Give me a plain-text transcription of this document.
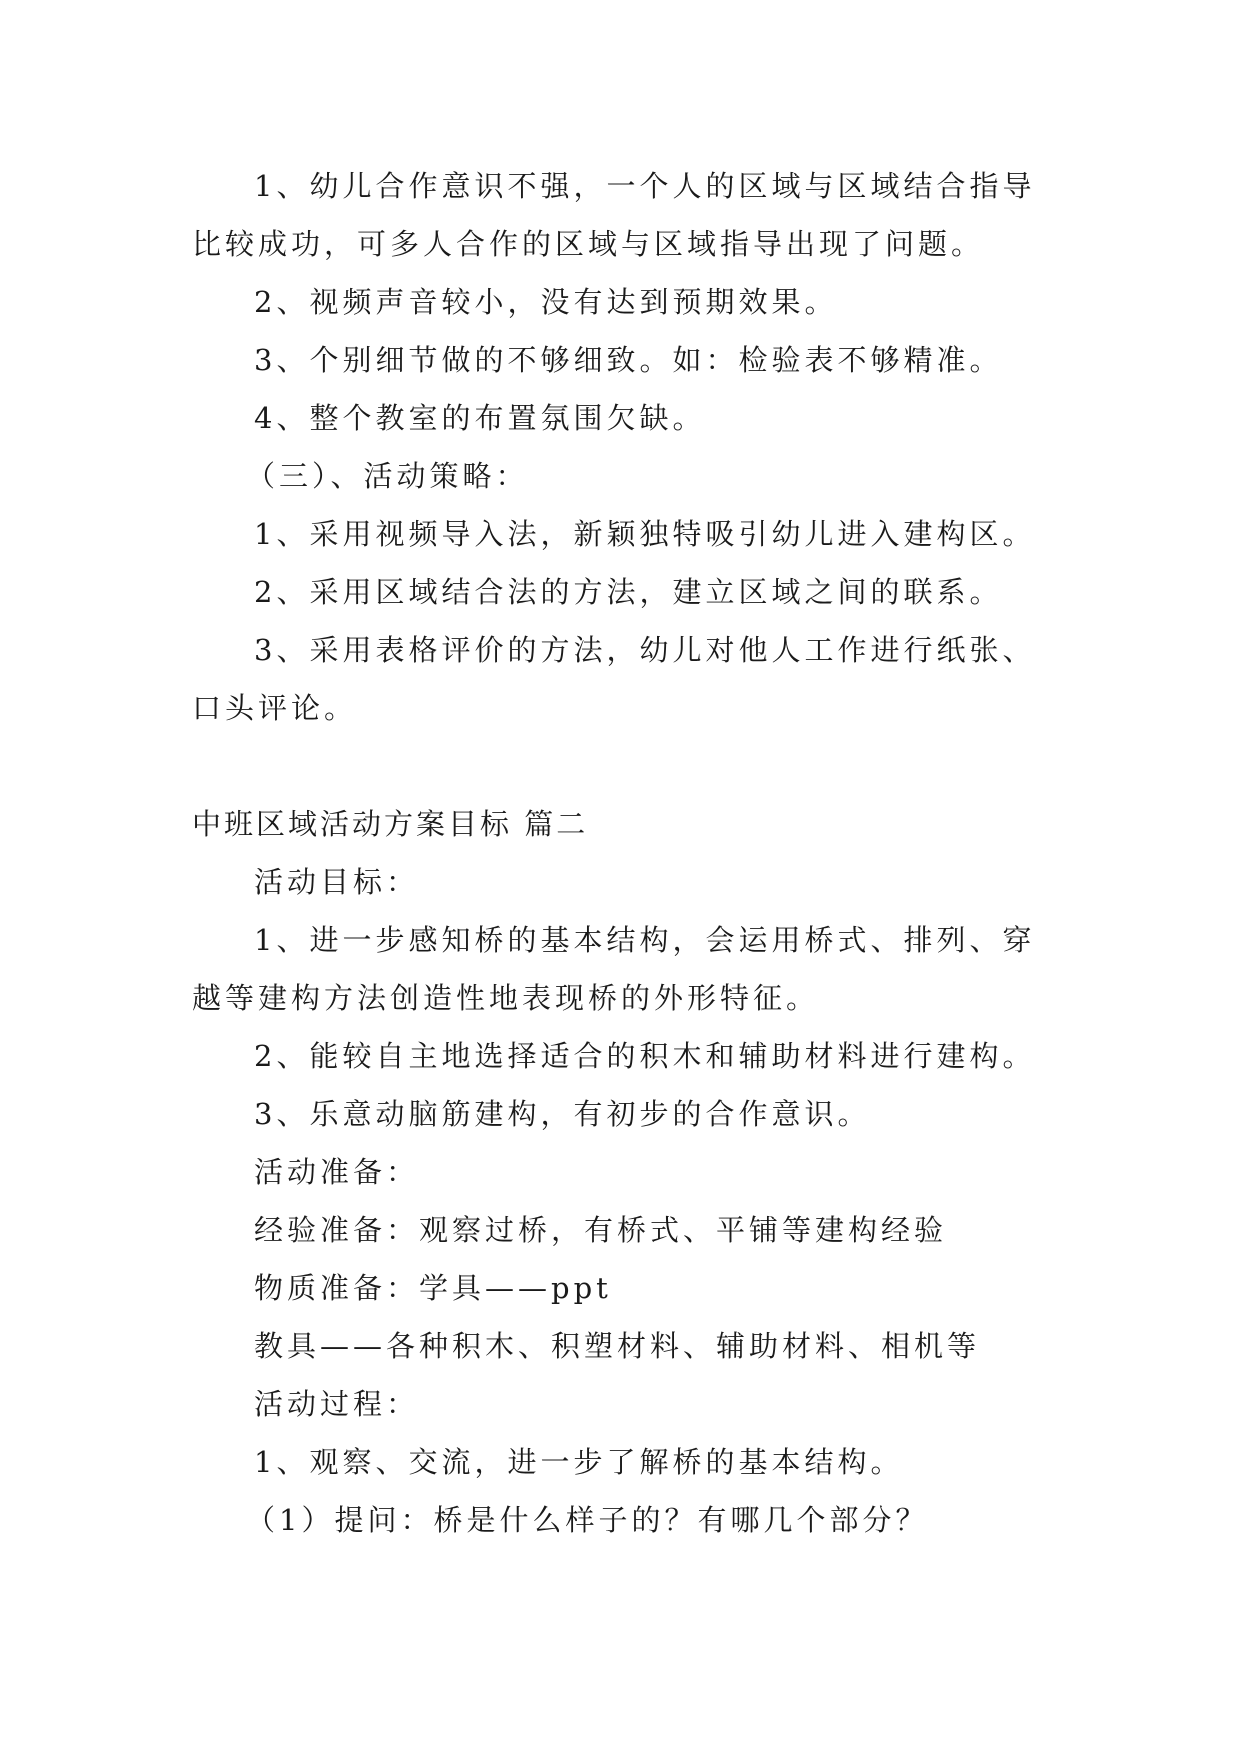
1、幼儿合作意识不强，一个人的区域与区域结合指导
比较成功，可多人合作的区域与区域指导出现了问题。
2、视频声音较小，没有达到预期效果。
3、个别细节做的不够细致。如：检验表不够精准。
4、整个教室的布置氛围欠缺。
（三）、活动策略：
1、采用视频导入法，新颖独特吸引幼儿进入建构区。
2、采用区域结合法的方法，建立区域之间的联系。
3、采用表格评价的方法，幼儿对他人工作进行纸张、
口头评论。
中班区域活动方案目标 篇二
活动目标：
1、进一步感知桥的基本结构，会运用桥式、排列、穿
越等建构方法创造性地表现桥的外形特征。
2、能较自主地选择适合的积木和辅助材料进行建构。
3、乐意动脑筋建构，有初步的合作意识。
活动准备：
经验准备：观察过桥，有桥式、平铺等建构经验
物质准备：学具——ppt
教具——各种积木、积塑材料、辅助材料、相机等
活动过程：
1、观察、交流，进一步了解桥的基本结构。
（1）提问：桥是什么样子的？有哪几个部分？
